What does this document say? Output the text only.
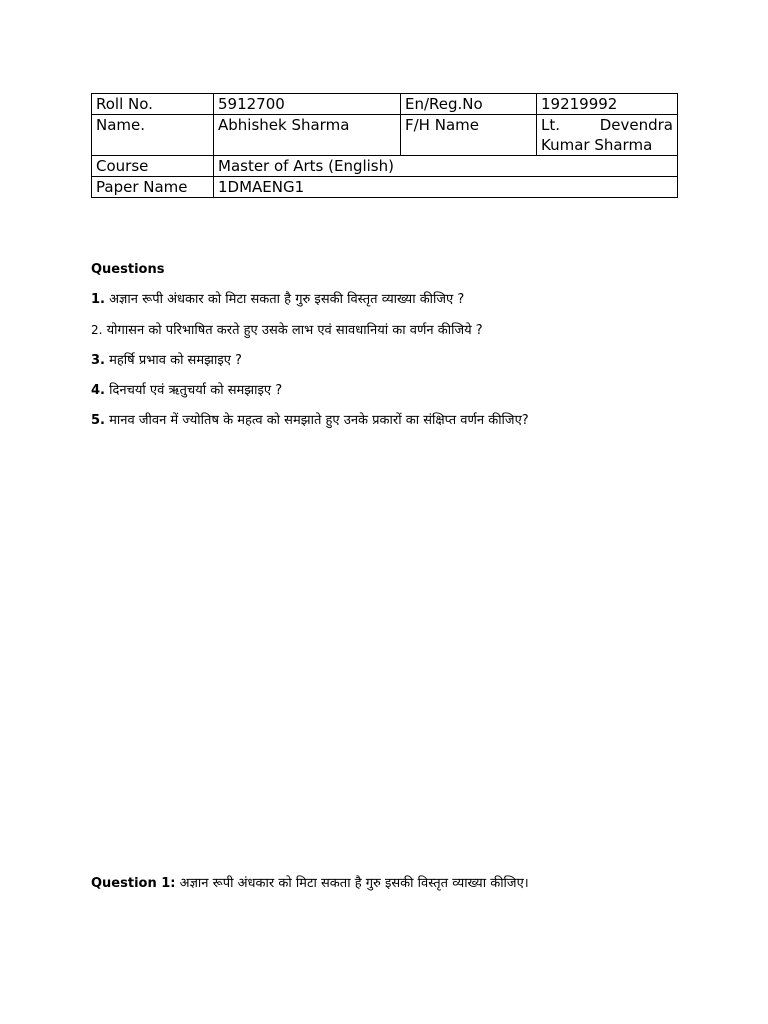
Roll No.	5912700	En/Reg.No	19219992
Name.	Abhishek Sharma	F/H Name	Lt. Devendra Kumar Sharma
Course	Master of Arts (English)		
Paper Name	1DMAENG1		

Questions

1. अज्ञान रूपी अंधकार को मिटा सकता है गुरु इसकी विस्तृत व्याख्या कीजिए ?
2. योगासन को परिभाषित करते हुए उसके लाभ एवं सावधानियां का वर्णन कीजिये ?
3. महर्षि प्रभाव को समझाइए ?
4. दिनचर्या एवं ऋतुचर्या को समझाइए ?
5. मानव जीवन में ज्योतिष के महत्व को समझाते हुए उनके प्रकारों का संक्षिप्त वर्णन कीजिए?

Question 1: अज्ञान रूपी अंधकार को मिटा सकता है गुरु इसकी विस्तृत व्याख्या कीजिए।
